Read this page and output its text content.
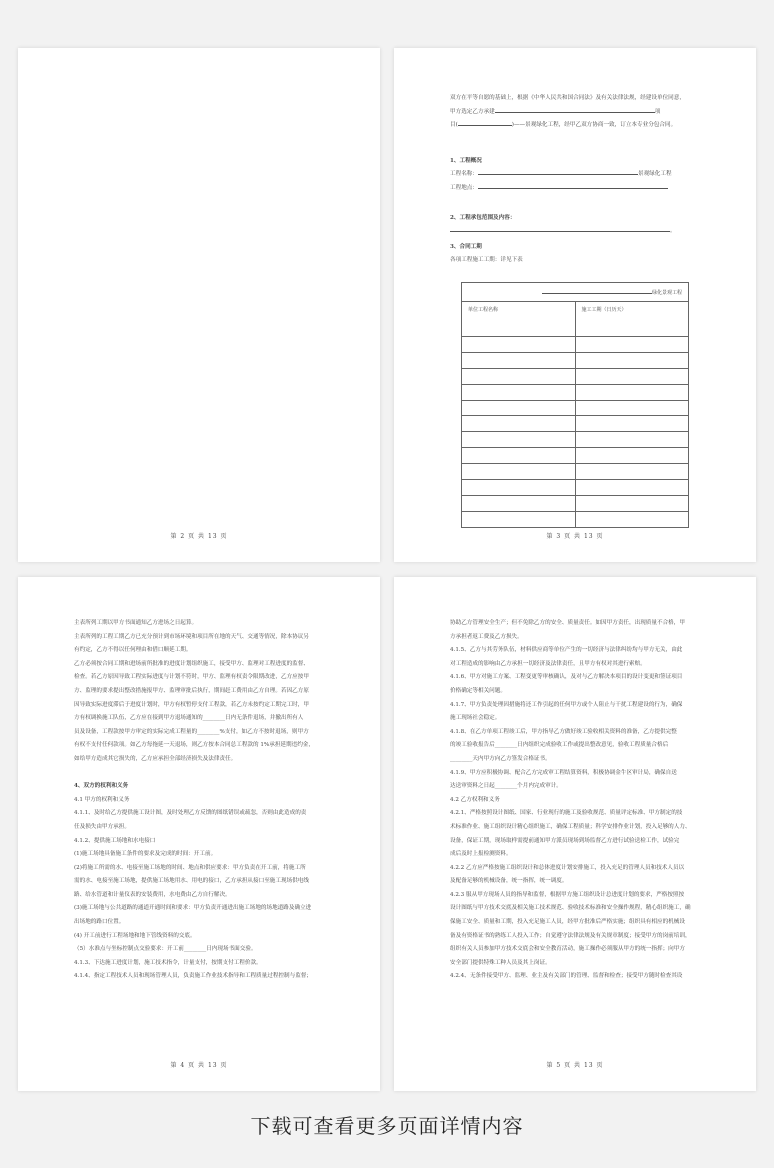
第 2 页 共 13 页

双方在平等自愿的基础上，根据《中华人民共和国合同法》及有关法律法规，经建设单位同意，

甲方选定乙方承建	项

目(	)——景观绿化工程，经甲乙双方协商一致，订立本专业分包合同。

1、工程概况

工程名称：	景观绿化工程

工程地点：

2、工程承包范围及内容：

。

3、合同工期

各项工程施工工期：详见下表

绿化景观工程	
单位工程名称	施工工期（日历天）

第 3 页 共 13 页

主表所列工期以甲方书面通知乙方进场之日起算。

主表所列的工程工期乙方已充分预计到市场环境和项目所在地的天气、交通等情况，除本协议另

有约定，乙方不得以任何理由和借口顺延工期。

乙方必须按合同工期和进场前所批准的进度计划组织施工，接受甲方、监理对工程进度的监督、

检查。若乙方原因导致工程实际进度与计划不符时，甲方、监理有权责令限期改进，乙方应按甲

方、监理的要求提出整改措施报甲方、监理审批后执行，期间赶工费用由乙方自理。若因乙方原

因导致实际进度滞后于进度计划时，甲方有权暂停支付工程款，若乙方未按约定工期完工时，甲

方有权调换施工队伍，乙方应在接到甲方退场通知的________日内无条件退场，并撤出所有人

员及设备，工程款按甲方审定的实际完成工程量的________%支付，如乙方不按时退场，则甲方

有权不支付任何款项。如乙方每拖延一天退场，则乙方按本合同总工程款的 1%承担延期违约金，

如给甲方造成其它损失的，乙方应承担全部经济损失及法律责任。

4、双方的权利和义务

4.1 甲方的权利和义务

4.1.1、及时给乙方提供施工设计图，及时处理乙方反馈的图纸错误或疏忽，否则由此造成的责

任及损失由甲方承担。

4.1.2、提供施工场地和水电接口

(1)施工场地具备施工条件的要求及完成的时间：开工前。

(2)将施工所需的水、电接至施工场地的时间、地点和供应要求：甲方负责在开工前，将施工所

需的水、电接至施工场地，提供施工场地用水、用电的接口，乙方承担从接口至施工现场供电线

路、给水管道和计量仪表的安装费用，水电费由乙方自行解决。

(3)施工场地与公共道路的通道开通时间和要求：甲方负责开通进出施工场地的场地道路及确立进

出场地的路口位置。

(4) 开工前进行工程场地和地下管线资料的交底。

（5）水准点与坐标控制点交验要求：开工前________日内现场书面交验。

4.1.3、下达施工进度计划，施工技术指令，计量支付，按期支付工程价款。

4.1.4、指定工程技术人员和现场管理人员，负责施工作业技术指导和工程质量过程控制与监督；

第 4 页 共 13 页

协助乙方管理安全生产；但不免除乙方的安全、质量责任。如因甲方责任，出现质量不合格，甲

方承担者返工费及乙方损失。

4.1.5、乙方与其劳务队伍，材料供应商等单位产生的一切经济与法律纠纷均与甲方无关，由此

对工程造成的影响由乙方承担一切经济及法律责任，且甲方有权对其进行索赔。

4.1.6、甲方对施工方案、工程变更等审核确认，及对与乙方解决本项目的设计变更和签证项目

价格确定等相关问题。

4.1.7、甲方负责处理因措施将还工作引起的任何甲方或个人阻止与干扰工程建设的行为，确保

施工现场社会稳定。

4.1.8、在乙方单项工程竣工后，甲方指导乙方做好竣工验收相关资料的准备，乙方提供完整

的竣工验收报告后________日内组织完成验收工作或提出整改意见，验收工程质量合格后

________天内甲方向乙方签发合格证书。

4.1.9、甲方应积极协调、配合乙方完成审工程结算资料，积极协调金牛区审计局，确保自送

达送审资料之日起________个月内完成审计。

4.2 乙方权利和义务

4.2.1、严格按照设计图纸、国家、行业现行的施工及验收规范、质量评定标准、甲方制定的技

术标准作业、施工组织设计精心组织施工，确保工程质量；科学安排作业计划，投入足够的人力、

设备，保证工期，现场取样需提前通知甲方派员现场到场监督乙方进行试验送检工作，试验完

成后及时上报检测资料。

4.2.2 乙方应严格按施工组织设计和总体进度计划安排施工，投入充足的管理人员和技术人员以

及配备足够的机械设备，统一指挥，统一调度。

4.2.3 服从甲方现场人员的指导和监督，根据甲方施工组织设计总进度计划的要求，严格按照按

设计图纸与甲方技术交底及相关施工技术规范、验收技术标准和安全操作规程，精心组织施工，确

保施工安全、质量和工期，投入充足施工人员，经甲方批准后严格实施；组织具有相应的机械设

备及有资格证书的熟练工人投入工作；自觉遵守法律法规及有关规章制度；接受甲方的岗前培训，

组织有关人员参加甲方技术交底会和安全教育活动，施工操作必须服从甲方的统一指挥；向甲方

安全部门提供特殊工种人员及其上岗证。

4.2.4、无条件接受甲方、监理、业主及有关部门的管理、监督和检查；接受甲方随时检查其设

第 5 页 共 13 页
下载可查看更多页面详情内容
